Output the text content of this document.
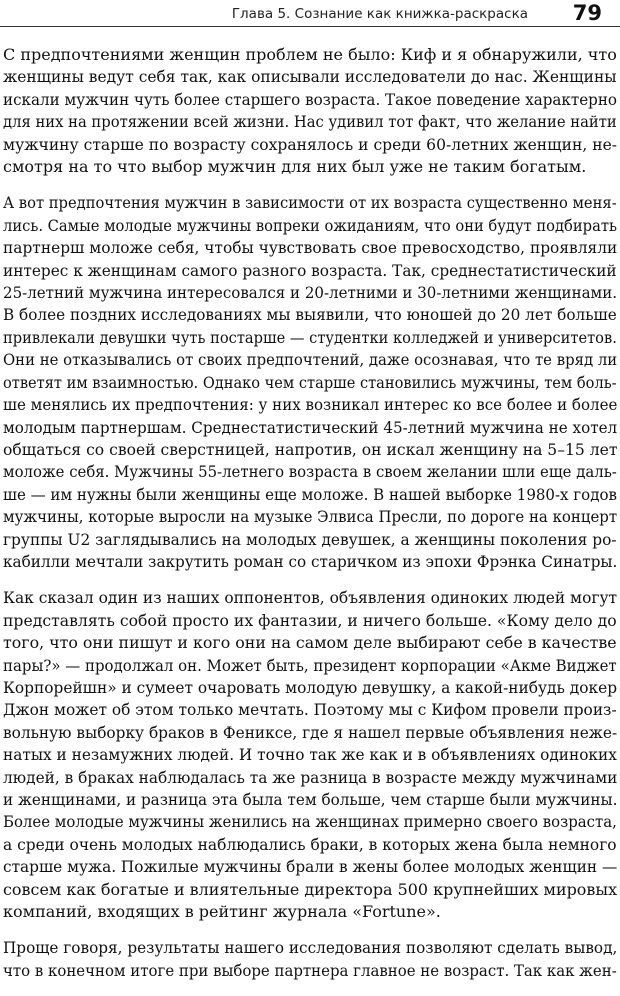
Глава 5. Сознание как книжка-раскраска 79

С предпочтениями женщин проблем не было: Киф и я обнаружили, что
женщины ведут себя так, как описывали исследователи до нас. Женщины
искали мужчин чуть более старшего возраста. Такое поведение характерно
для них на протяжении всей жизни. Нас удивил тот факт, что желание найти
мужчину старше по возрасту сохранялось и среди 60-летних женщин, не-
смотря на то что выбор мужчин для них был уже не таким богатым.

А вот предпочтения мужчин в зависимости от их возраста существенно меня-
лись. Самые молодые мужчины вопреки ожиданиям, что они будут подбирать
партнерш моложе себя, чтобы чувствовать свое превосходство, проявляли
интерес к женщинам самого разного возраста. Так, среднестатистический
25-летний мужчина интересовался и 20-летними и 30-летними женщинами.
В более поздних исследованиях мы выявили, что юношей до 20 лет больше
привлекали девушки чуть постарше — студентки колледжей и университетов.
Они не отказывались от своих предпочтений, даже осознавая, что те вряд ли
ответят им взаимностью. Однако чем старше становились мужчины, тем боль-
ше менялись их предпочтения: у них возникал интерес ко все более и более
молодым партнершам. Среднестатистический 45-летний мужчина не хотел
общаться со своей сверстницей, напротив, он искал женщину на 5–15 лет
моложе себя. Мужчины 55-летнего возраста в своем желании шли еще даль-
ше — им нужны были женщины еще моложе. В нашей выборке 1980-х годов
мужчины, которые выросли на музыке Элвиса Пресли, по дороге на концерт
группы U2 заглядывались на молодых девушек, а женщины поколения ро-
кабилли мечтали закрутить роман со старичком из эпохи Фрэнка Синатры.

Как сказал один из наших оппонентов, объявления одиноких людей могут
представлять собой просто их фантазии, и ничего больше. «Кому дело до
того, что они пишут и кого они на самом деле выбирают себе в качестве
пары?» — продолжал он. Может быть, президент корпорации «Акме Виджет
Корпорейшн» и сумеет очаровать молодую девушку, а какой-нибудь докер
Джон может об этом только мечтать. Поэтому мы с Кифом провели произ-
вольную выборку браков в Фениксе, где я нашел первые объявления неже-
натых и незамужних людей. И точно так же как и в объявлениях одиноких
людей, в браках наблюдалась та же разница в возрасте между мужчинами
и женщинами, и разница эта была тем больше, чем старше были мужчины.
Более молодые мужчины женились на женщинах примерно своего возраста,
а среди очень молодых наблюдались браки, в которых жена была немного
старше мужа. Пожилые мужчины брали в жены более молодых женщин —
совсем как богатые и влиятельные директора 500 крупнейших мировых
компаний, входящих в рейтинг журнала «Fortune».

Проще говоря, результаты нашего исследования позволяют сделать вывод,
что в конечном итоге при выборе партнера главное не возраст. Так как жен-
